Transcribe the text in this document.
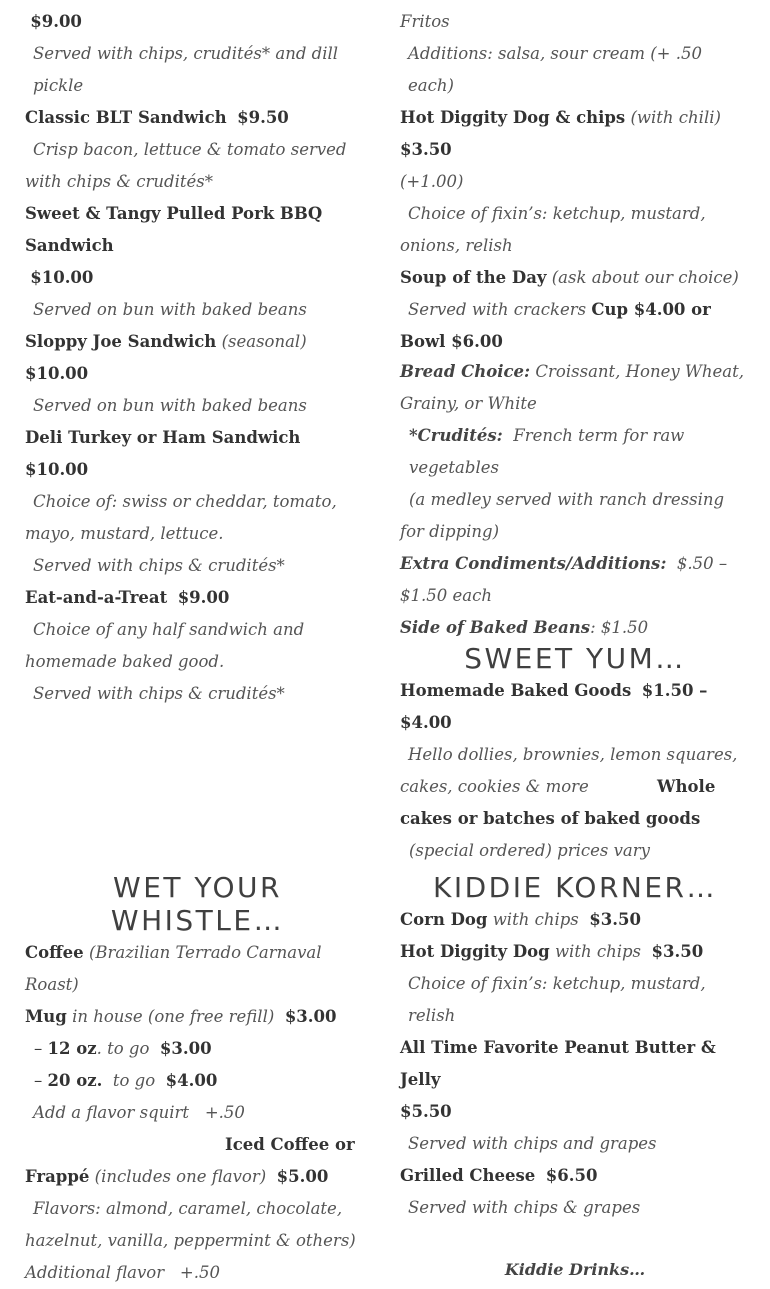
$9.00

Served with chips, crudités* and dill pickle

Classic BLT Sandwich $9.50

Crisp bacon, lettuce & tomato served with chips & crudités*

Sweet & Tangy Pulled Pork BBQ Sandwich

$10.00

Served on bun with baked beans

Sloppy Joe Sandwich (seasonal)  $10.00

Served on bun with baked beans

Deli Turkey or Ham Sandwich  $10.00

Choice of: swiss or cheddar, tomato, mayo, mustard, lettuce.

Served with chips & crudités*

Eat-and-a-Treat $9.00

Choice of any half sandwich and homemade baked good.

Served with chips & crudités*

WET YOUR WHISTLE…

Coffee (Brazilian Terrado Carnaval Roast)

Mug in house (one free refill) $3.00

– 12 oz. to go $3.00

– 20 oz. to go $4.00

Add a flavor squirt +.50

Iced Coffee or

Frappé (includes one flavor) $5.00

Flavors: almond, caramel, chocolate, hazelnut, vanilla, peppermint & others)

Additional flavor +.50

Fritos

Additions: salsa, sour cream (+ .50 each)

Hot Diggity Dog & chips (with chili)  $3.50

(+1.00)

Choice of fixin’s: ketchup, mustard, onions, relish

Soup of the Day (ask about our choice)

Served with crackers Cup $4.00 or Bowl $6.00

Bread Choice: Croissant, Honey Wheat, Grainy, or White

*Crudités: French term for raw vegetables

(a medley served with ranch dressing for dipping)

Extra Condiments/Additions: $.50 – $1.50 each

Side of Baked Beans: $1.50

SWEET YUM…

Homemade Baked Goods $1.50 – $4.00

Hello dollies, brownies, lemon squares, cakes, cookies & more	Whole cakes or batches of baked goods

(special ordered) prices vary

KIDDIE KORNER…

Corn Dog with chips $3.50

Hot Diggity Dog with chips $3.50

Choice of fixin’s: ketchup, mustard, relish

All Time Favorite Peanut Butter & Jelly

$5.50

Served with chips and grapes

Grilled Cheese $6.50

Served with chips & grapes

Kiddie Drinks…
